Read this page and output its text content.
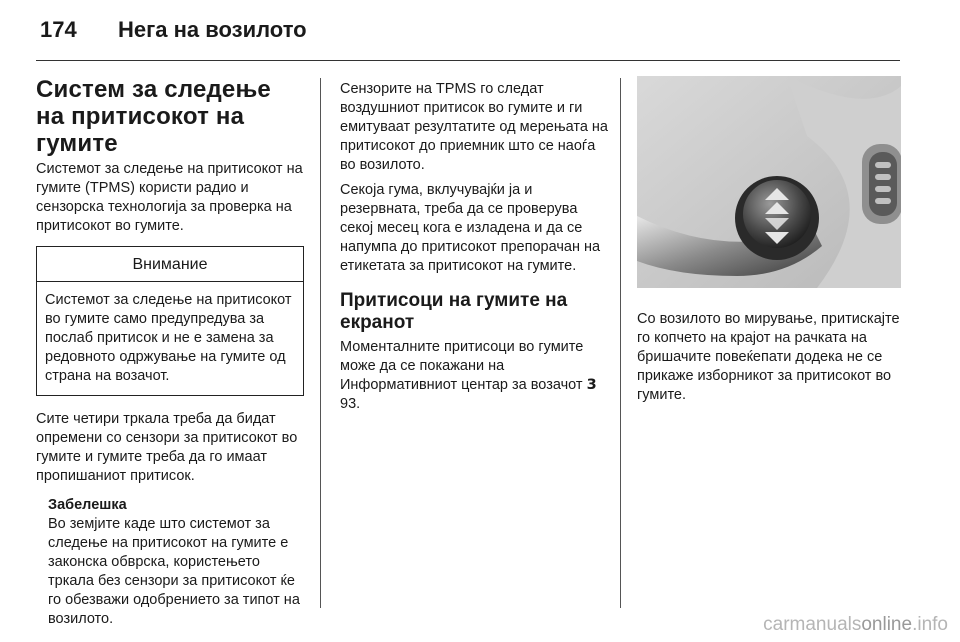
174 Нега на возилото
Систем за следење на притисокот на гумите

Системот за следење на притисокот на гумите (TPMS) користи радио и сензорска технологија за проверка на притисокот во гумите.

Внимание
Системот за следење на притисокот во гумите само предупредува за послаб притисок и не е замена за редовното одржување на гумите од страна на возачот.

Сите четири тркала треба да бидат опремени со сензори за притисокот во гумите и гумите треба да го имаат пропишаниот притисок.

Забелешка

Во земјите каде што системот за следење на притисокот на гумите е законска обврска, користењето тркала без сензори за притисокот ќе го обезважи одобрението за типот на возилото.

Сензорите на TPMS го следат воздушниот притисок во гумите и ги емитуваат резултатите од мерењата на притисокот до приемник што се наоѓа во возилото.

Секоја гума, вклучувајќи ја и резервната, треба да се проверува секој месец кога е изладена и да се напумпа до притисокот препорачан на етикетата за притисокот на гумите.

Притисоци на гумите на екранот

Моменталните притисоци во гумите може да се покажани на Информативниот центар за возачот 3 93.

Со возилото во мирување, притискајте го копчето на крајот на рачката на бришачите повеќепати додека не се прикаже изборникот за притисокот во гумите.

carmanualsonline.info
